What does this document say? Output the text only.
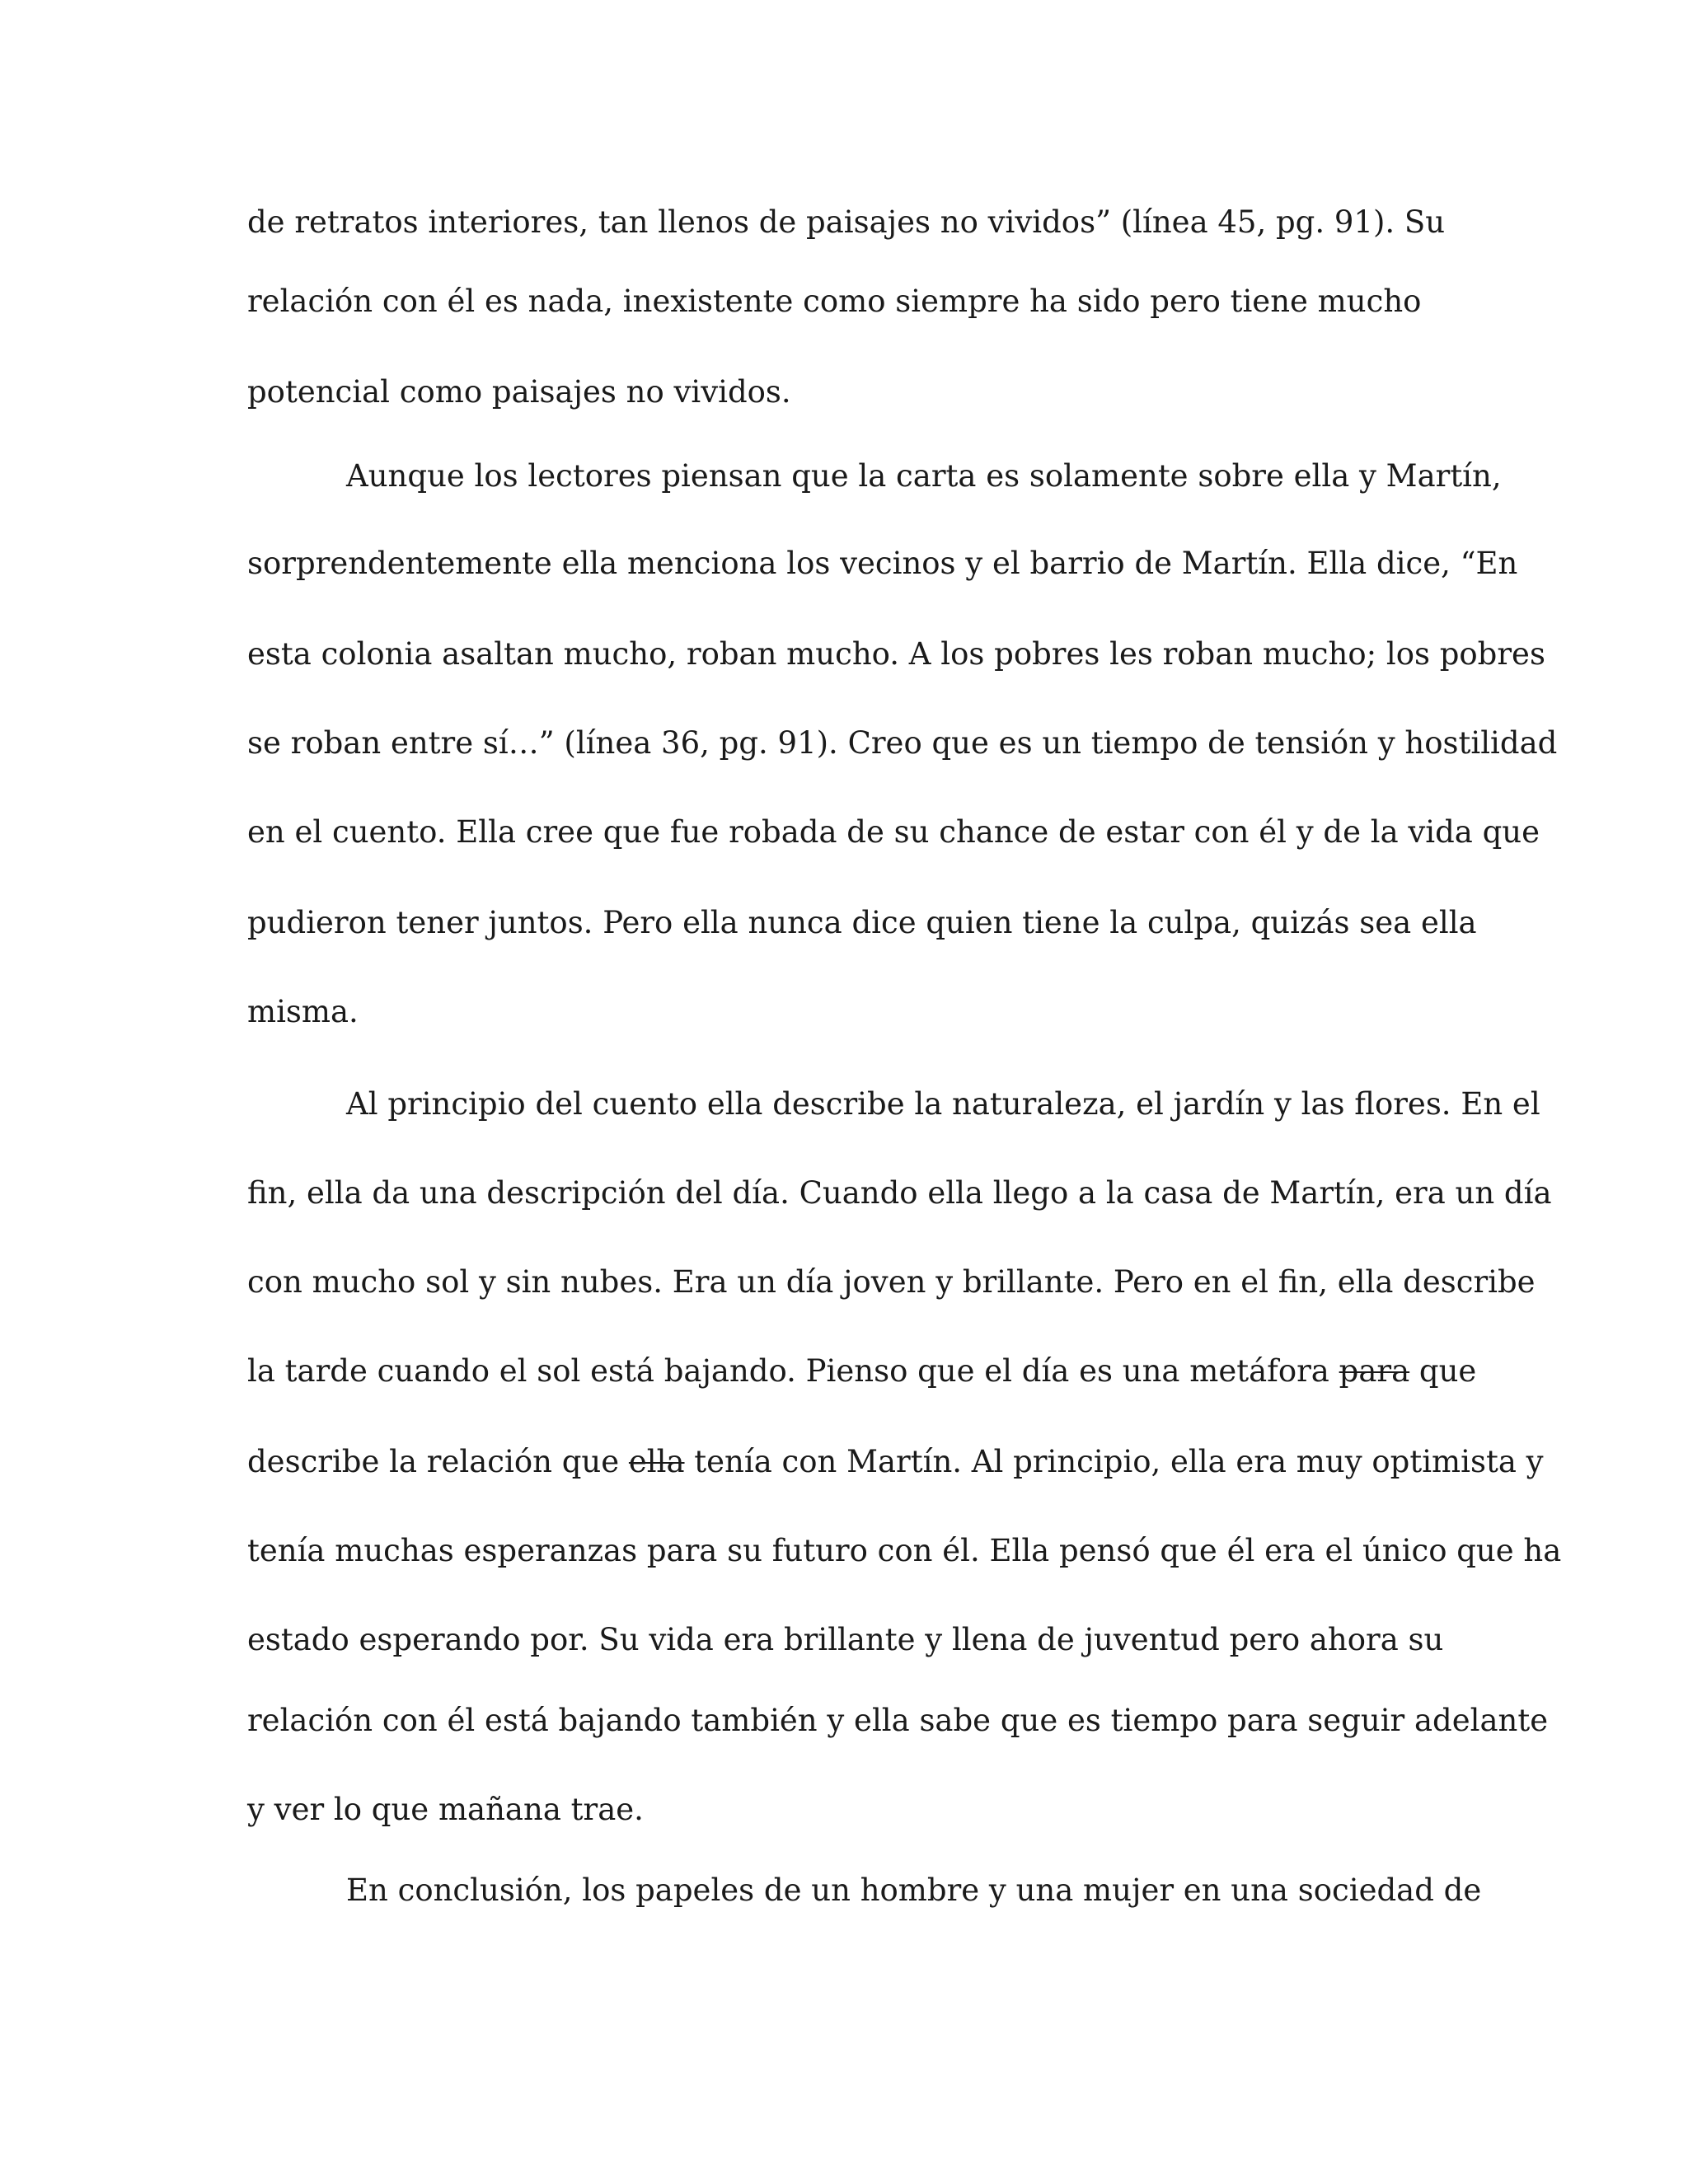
de retratos interiores, tan llenos de paisajes no vividos” (línea 45, pg. 91). Su
relación con él es nada, inexistente como siempre ha sido pero tiene mucho
potencial como paisajes no vividos.
Aunque los lectores piensan que la carta es solamente sobre ella y Martín,
sorprendentemente ella menciona los vecinos y el barrio de Martín. Ella dice, “En
esta colonia asaltan mucho, roban mucho. A los pobres les roban mucho; los pobres
se roban entre sí…” (línea 36, pg. 91). Creo que es un tiempo de tensión y hostilidad
en el cuento. Ella cree que fue robada de su chance de estar con él y de la vida que
pudieron tener juntos. Pero ella nunca dice quien tiene la culpa, quizás sea ella
misma.
Al principio del cuento ella describe la naturaleza, el jardín y las flores. En el
fin, ella da una descripción del día. Cuando ella llego a la casa de Martín, era un día
con mucho sol y sin nubes. Era un día joven y brillante. Pero en el fin, ella describe
la tarde cuando el sol está bajando. Pienso que el día es una metáfora para que
describe la relación que ella tenía con Martín. Al principio, ella era muy optimista y
tenía muchas esperanzas para su futuro con él. Ella pensó que él era el único que ha
estado esperando por. Su vida era brillante y llena de juventud pero ahora su
relación con él está bajando también y ella sabe que es tiempo para seguir adelante
y ver lo que mañana trae.
En conclusión, los papeles de un hombre y una mujer en una sociedad de
